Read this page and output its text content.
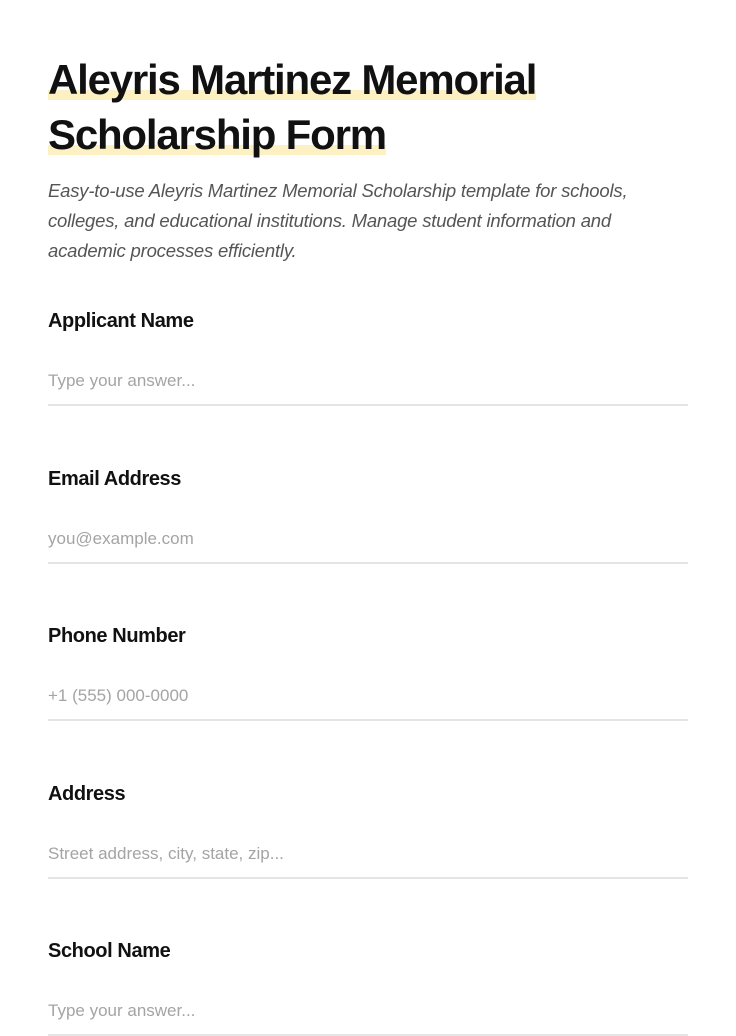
Aleyris Martinez Memorial Scholarship Form

Easy-to-use Aleyris Martinez Memorial Scholarship template for schools, colleges, and educational institutions. Manage student information and academic processes efficiently.

Applicant Name
Type your answer...
Email Address
you@example.com
Phone Number
+1 (555) 000-0000
Address
Street address, city, state, zip...
School Name
Type your answer...
